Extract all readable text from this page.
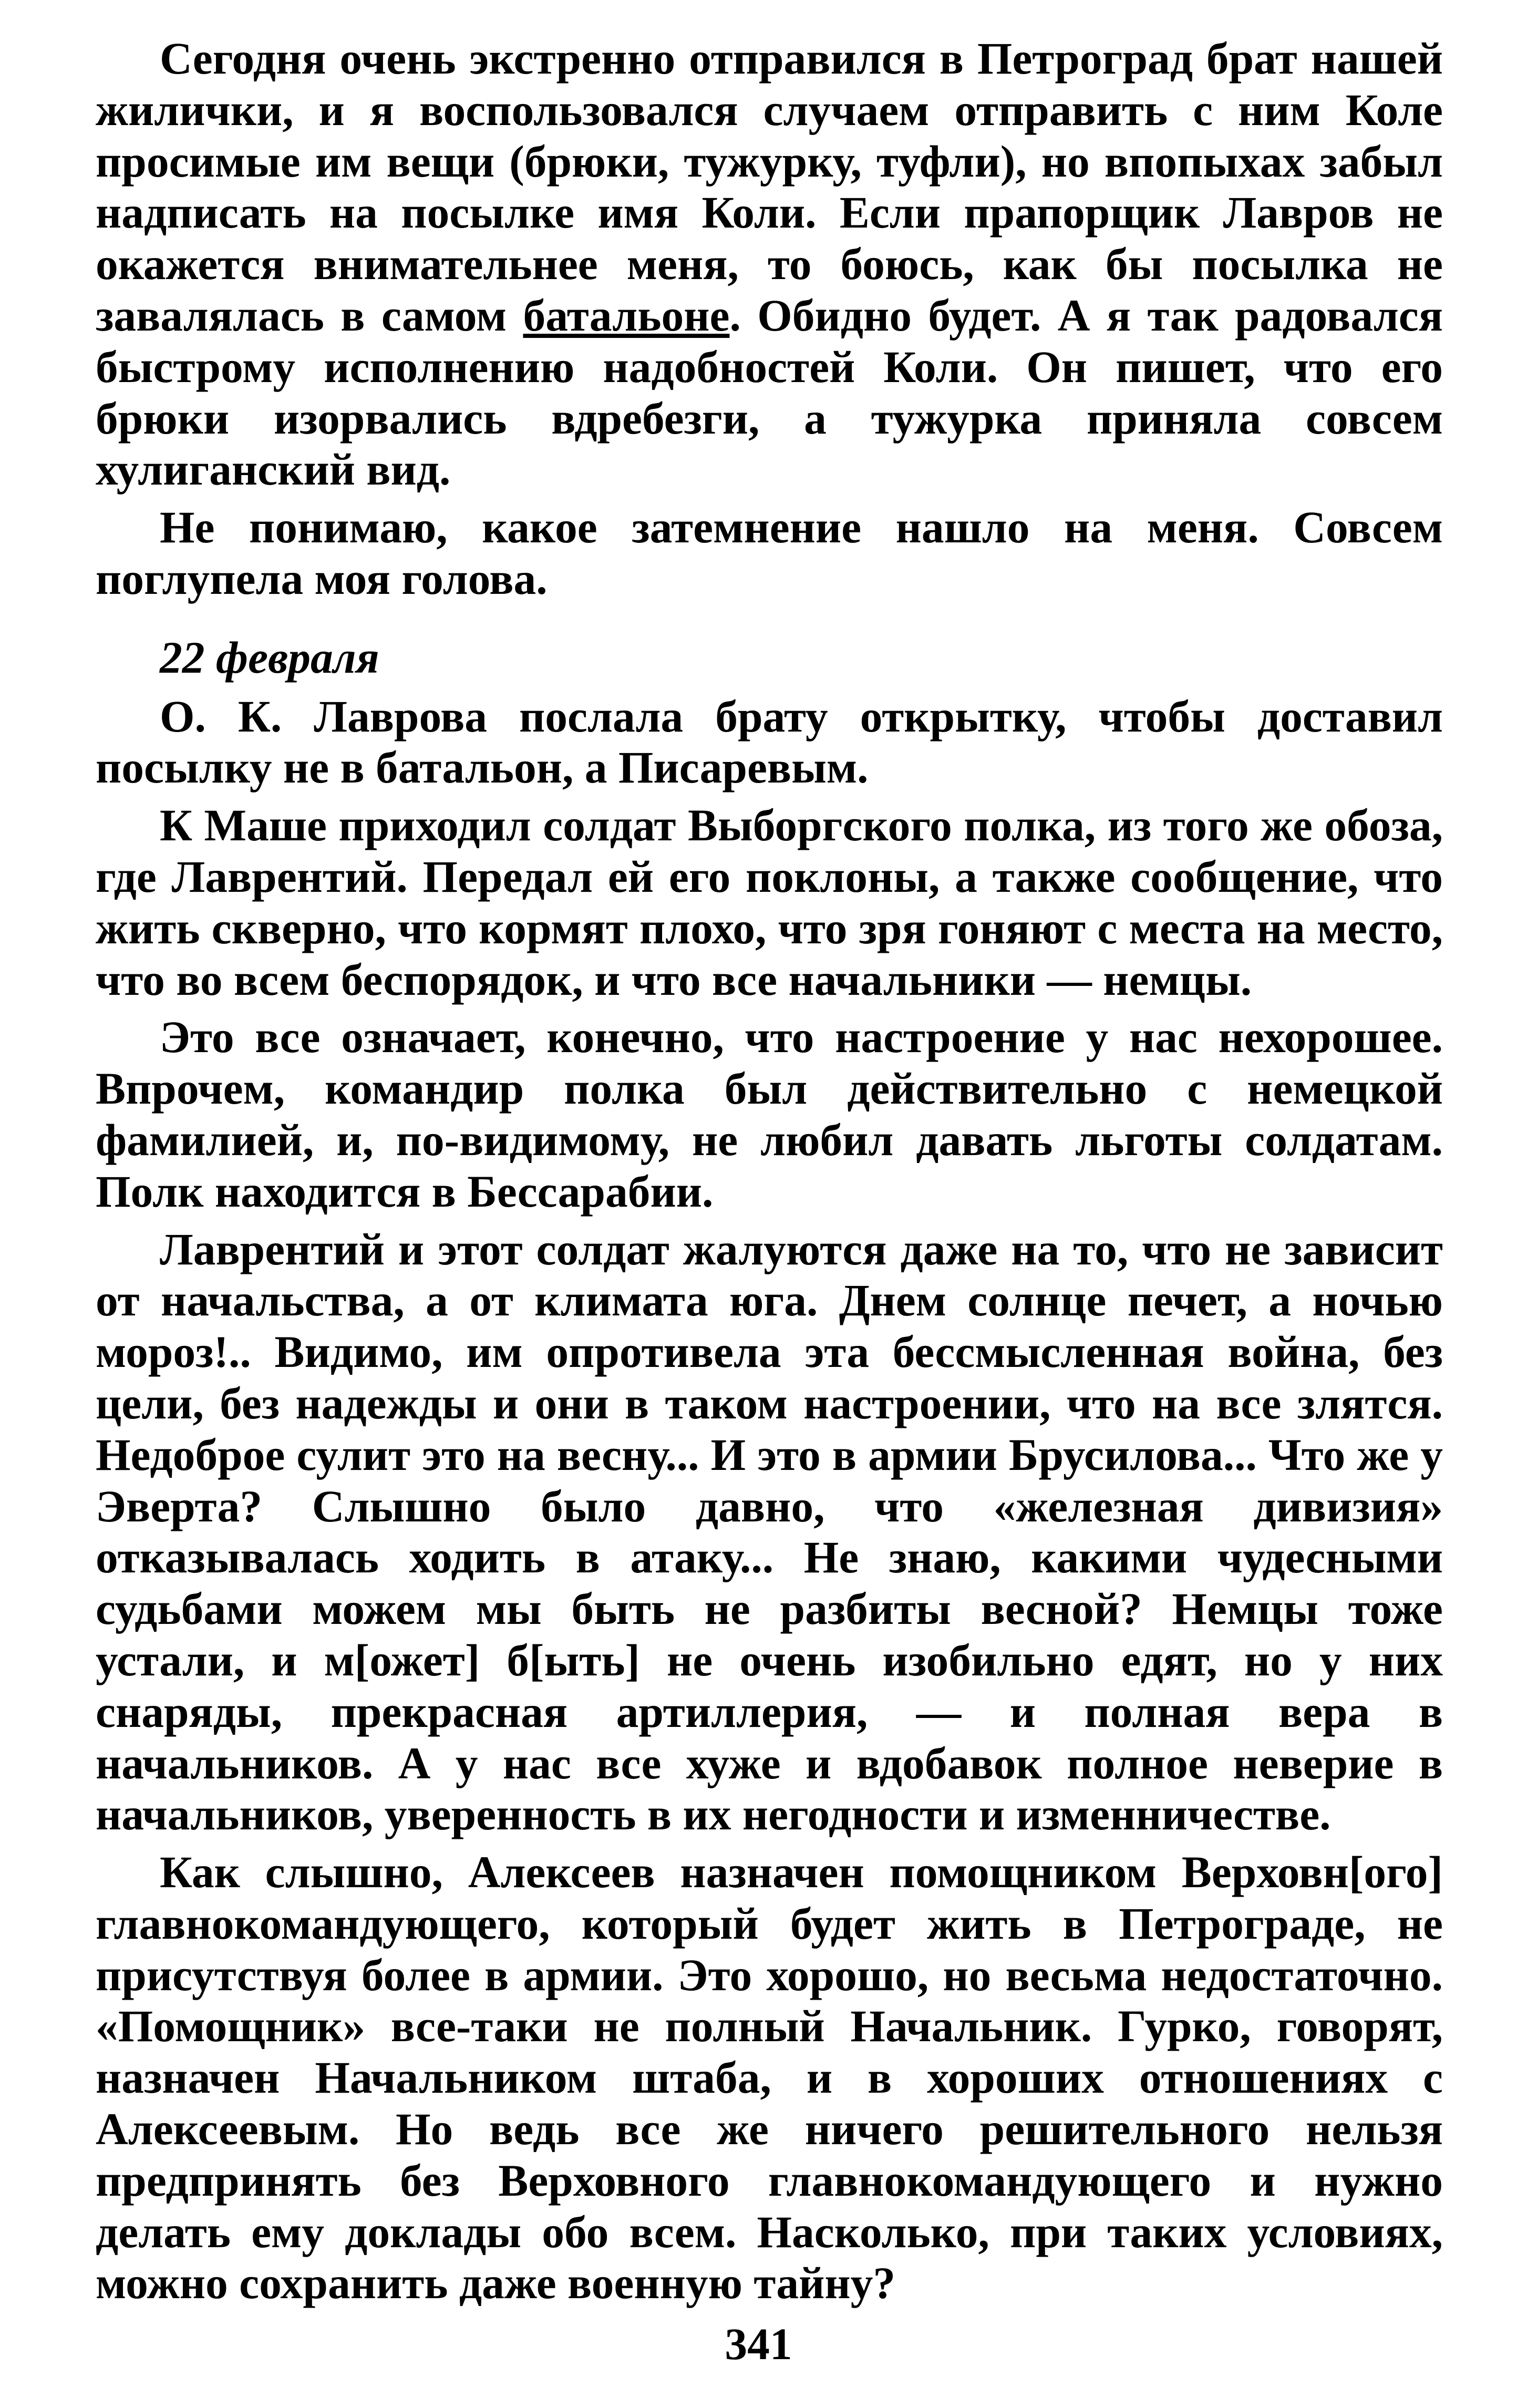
Сегодня очень экстренно отправился в Петроград брат нашей жилички, и я воспользовался случаем отправить с ним Коле просимые им вещи (брюки, тужурку, туфли), но впопыхах забыл надписать на посылке имя Коли. Если прапорщик Лавров не окажется внимательнее меня, то боюсь, как бы посылка не завалялась в самом батальоне. Обидно будет. А я так радовался быстрому исполнению надобностей Коли. Он пишет, что его брюки изорвались вдребезги, а тужурка приняла совсем хулиганский вид.

Не понимаю, какое затемнение нашло на меня. Совсем поглупела моя голова.

22 февраля

О. К. Лаврова послала брату открытку, чтобы доставил посылку не в батальон, а Писаревым.

К Маше приходил солдат Выборгского полка, из того же обоза, где Лаврентий. Передал ей его поклоны, а также сообщение, что жить скверно, что кормят плохо, что зря гоняют с места на место, что во всем беспорядок, и что все начальники — немцы.

Это все означает, конечно, что настроение у нас нехорошее. Впрочем, командир полка был действительно с немецкой фамилией, и, по-видимому, не любил давать льготы солдатам. Полк находится в Бессарабии.

Лаврентий и этот солдат жалуются даже на то, что не зависит от начальства, а от климата юга. Днем солнце печет, а ночью мороз!.. Видимо, им опротивела эта бессмысленная война, без цели, без надежды и они в таком настроении, что на все злятся. Недоброе сулит это на весну... И это в армии Брусилова... Что же у Эверта? Слышно было давно, что «железная дивизия» отказывалась ходить в атаку... Не знаю, какими чудесными судьбами можем мы быть не разбиты весной? Немцы тоже устали, и м[ожет] б[ыть] не очень изобильно едят, но у них снаряды, прекрасная артиллерия, — и полная вера в начальников. А у нас все хуже и вдобавок полное неверие в начальников, уверенность в их негодности и изменничестве.

Как слышно, Алексеев назначен помощником Верховн[ого] главнокомандующего, который будет жить в Петрограде, не присутствуя более в армии. Это хорошо, но весьма недостаточно. «Помощник» все-таки не полный Начальник. Гурко, говорят, назначен Начальником штаба, и в хороших отношениях с Алексеевым. Но ведь все же ничего решительного нельзя предпринять без Верховного главнокомандующего и нужно делать ему доклады обо всем. Насколько, при таких условиях, можно сохранить даже военную тайну?

341
